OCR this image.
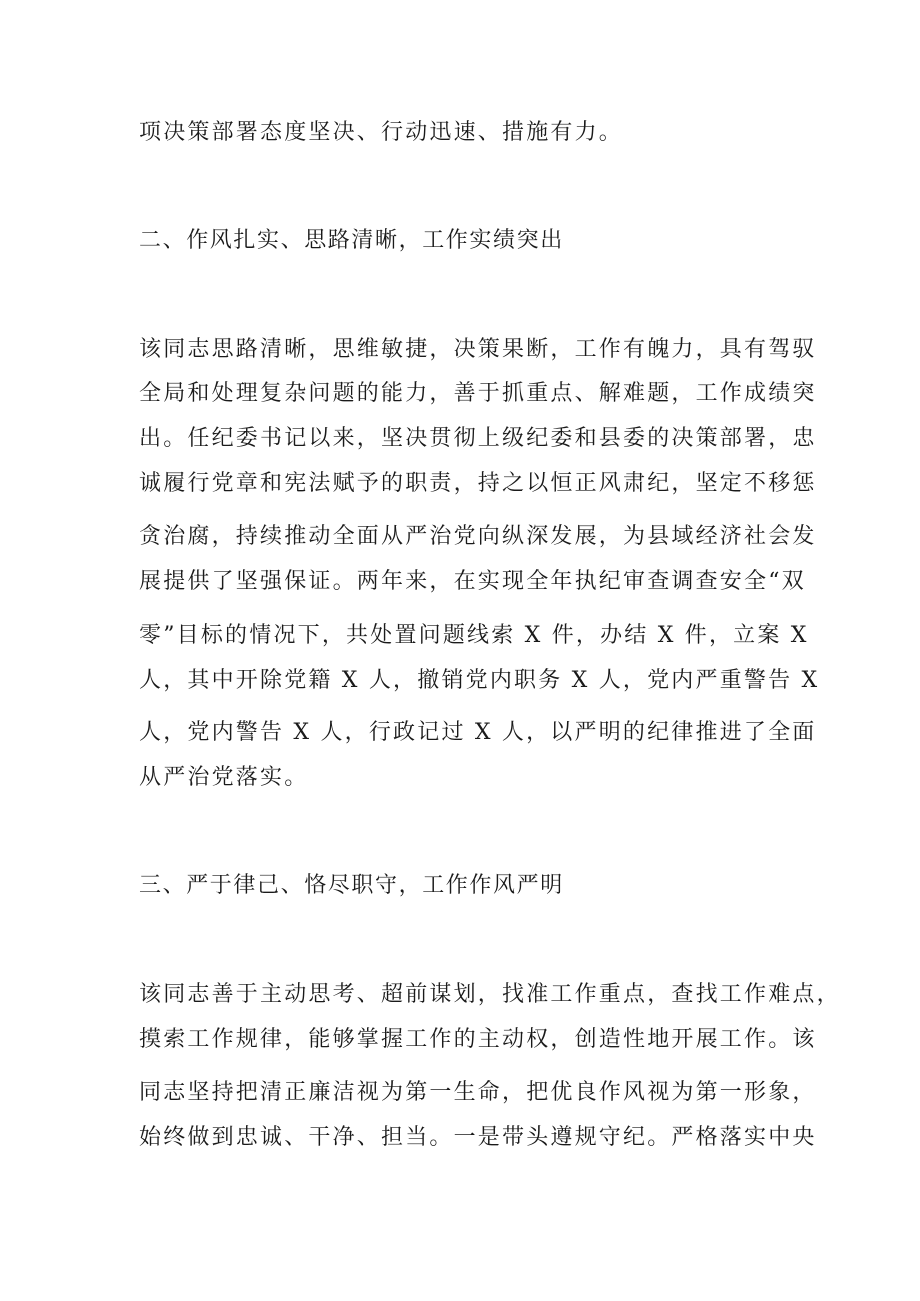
项决策部署态度坚决、行动迅速、措施有力。
二、作风扎实、思路清晰，工作实绩突出
该同志思路清晰，思维敏捷，决策果断，工作有魄力，具有驾驭
全局和处理复杂问题的能力，善于抓重点、解难题，工作成绩突
出。任纪委书记以来，坚决贯彻上级纪委和县委的决策部署，忠
诚履行党章和宪法赋予的职责，持之以恒正风肃纪，坚定不移惩
贪治腐，持续推动全面从严治党向纵深发展，为县域经济社会发
展提供了坚强保证。两年来，在实现全年执纪审查调查安全“双
零”目标的情况下，共处置问题线索 X 件，办结 X 件，立案 X
人，其中开除党籍 X 人，撤销党内职务 X 人，党内严重警告 X
人，党内警告 X 人，行政记过 X 人，以严明的纪律推进了全面
从严治党落实。
三、严于律己、恪尽职守，工作作风严明
该同志善于主动思考、超前谋划，找准工作重点，查找工作难点，
摸索工作规律，能够掌握工作的主动权，创造性地开展工作。该
同志坚持把清正廉洁视为第一生命，把优良作风视为第一形象，
始终做到忠诚、干净、担当。一是带头遵规守纪。严格落实中央
